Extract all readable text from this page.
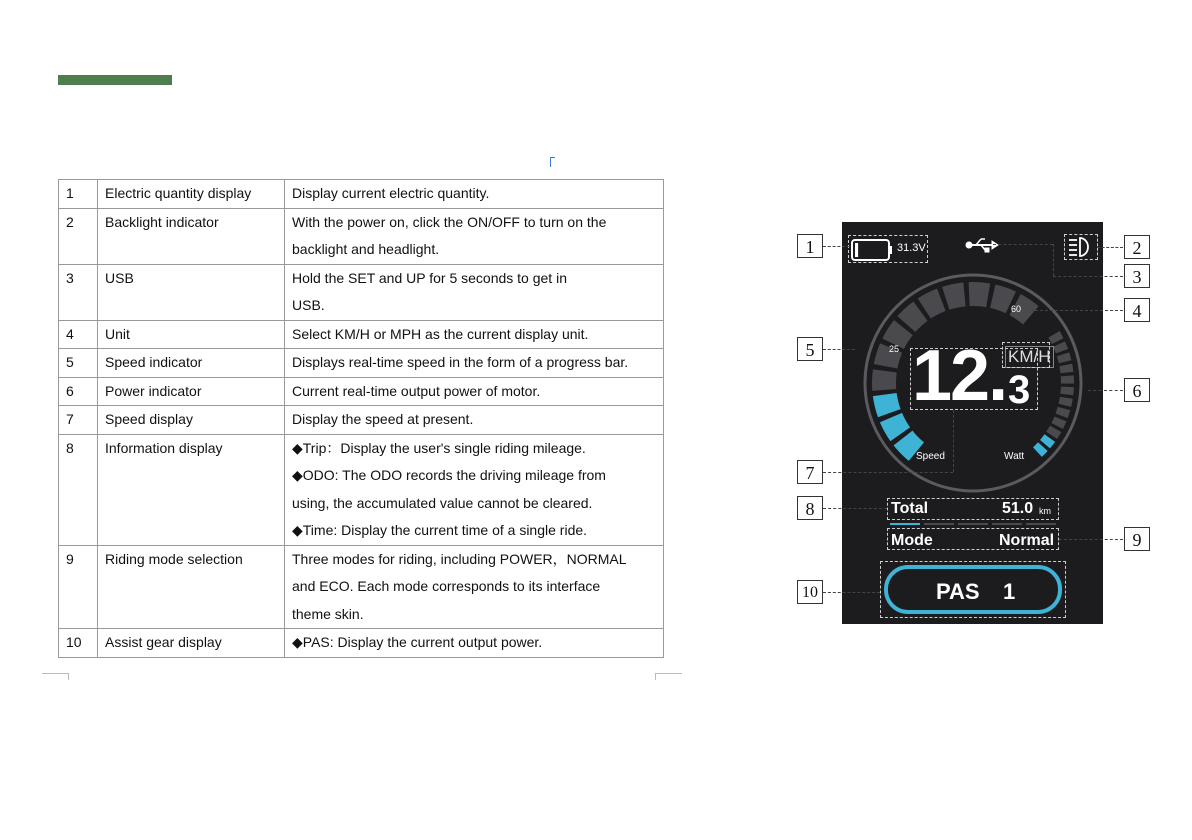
1	Electric quantity display	Display current electric quantity.

2	Backlight indicator	With the power on, click the ON/OFF to turn on the
backlight and headlight.

3	USB	Hold the SET and UP for 5 seconds to get in
USB.

4	Unit	Select KM/H or MPH as the current display unit.

5	Speed indicator	Displays real-time speed in the form of a progress bar.

6	Power indicator	Current real-time output power of motor.

7	Speed display	Display the speed at present.

8	Information display	◆Trip：Display the user's single riding mileage.
◆ODO: The ODO records the driving mileage from
using, the accumulated value cannot be cleared.
◆Time: Display the current time of a single ride.

9	Riding mode selection	Three modes for riding, including POWER，NORMAL
and ECO. Each mode corresponds to its interface
theme skin.

10	Assist gear display	◆PAS: Display the current output power.
31.3V
60
25 12. 3
KM/H
Speed	Watt
Total	51.0 km
Mode	Normal
PAS 1
1	2
3
4
5
6
7
8
9
10
